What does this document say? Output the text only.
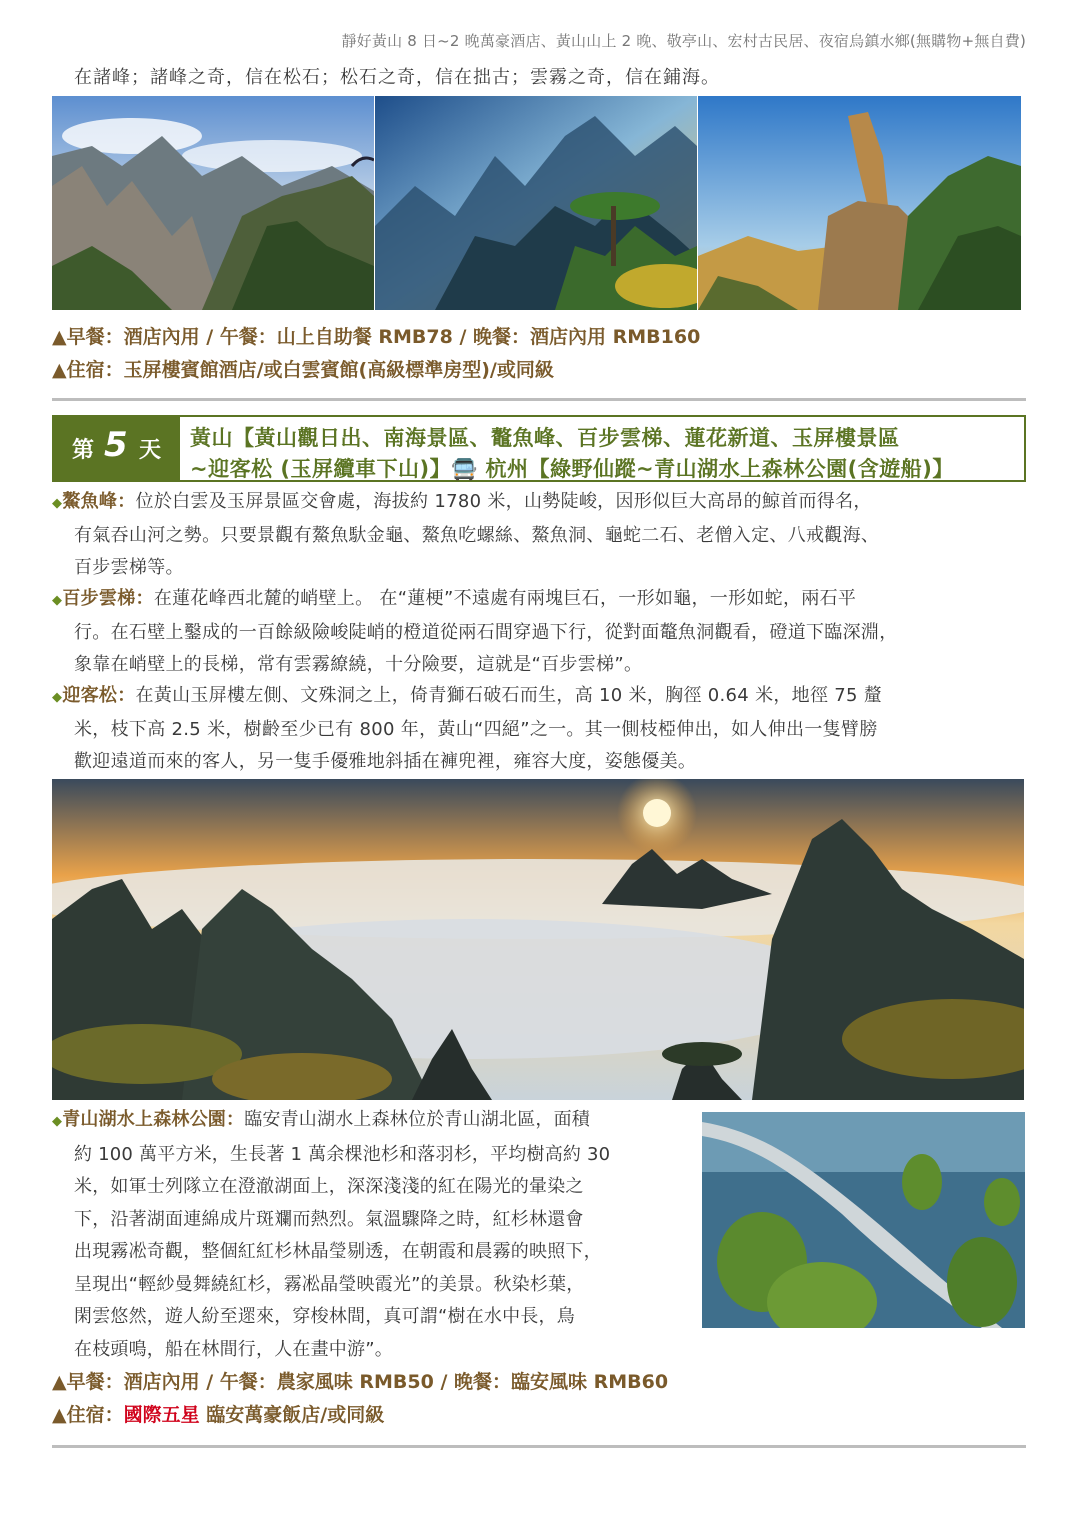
靜好黃山 8 日~2 晚萬豪酒店、黃山山上 2 晚、敬亭山、宏村古民居、夜宿烏鎮水鄉(無購物+無自費)
在諸峰；諸峰之奇，信在松石；松石之奇，信在拙古；雲霧之奇，信在鋪海。
▲早餐：酒店內用 / 午餐：山上自助餐 RMB78 / 晚餐：酒店內用 RMB160
▲住宿：玉屏樓賓館酒店/或白雲賓館(高級標準房型)/或同級
第 5 天 黃山【黃山觀日出、南海景區、鼇魚峰、百步雲梯、蓮花新道、玉屏樓景區
~迎客松 (玉屏纜車下山)】🚍 杭州【綠野仙蹤~青山湖水上森林公園(含遊船)】
◆鰲魚峰：位於白雲及玉屏景區交會處，海拔約 1780 米，山勢陡峻，因形似巨大高昂的鯨首而得名，
有氣吞山河之勢。只要景觀有鰲魚馱金龜、鰲魚吃螺絲、鰲魚洞、龜蛇二石、老僧入定、八戒觀海、
百步雲梯等。
◆百步雲梯：在蓮花峰西北麓的峭壁上。 在“蓮梗”不遠處有兩塊巨石，一形如龜，一形如蛇，兩石平
行。在石壁上鑿成的一百餘級險峻陡峭的橙道從兩石間穿過下行，從對面鼇魚洞觀看，磴道下臨深淵，
象靠在峭壁上的長梯，常有雲霧繚繞，十分險要，這就是“百步雲梯”。
◆迎客松：在黃山玉屏樓左側、文殊洞之上，倚青獅石破石而生，高 10 米，胸徑 0.64 米，地徑 75 釐
米，枝下高 2.5 米，樹齡至少已有 800 年，黃山“四絕”之一。其一側枝椏伸出，如人伸出一隻臂膀
歡迎遠道而來的客人，另一隻手優雅地斜插在褲兜裡，雍容大度，姿態優美。
◆青山湖水上森林公園：臨安青山湖水上森林位於青山湖北區，面積
約 100 萬平方米，生長著 1 萬余棵池杉和落羽杉，平均樹高約 30
米，如軍士列隊立在澄澈湖面上，深深淺淺的紅在陽光的暈染之
下，沿著湖面連綿成片斑斕而熱烈。氣溫驟降之時，紅杉林還會
出現霧凇奇觀，整個紅紅杉林晶瑩剔透，在朝霞和晨霧的映照下，
呈現出“輕紗曼舞繞紅杉，霧凇晶瑩映霞光”的美景。秋染杉葉，
閑雲悠然，遊人紛至遝來，穿梭林間，真可謂“樹在水中長，鳥
在枝頭鳴，船在林間行，人在畫中游”。
▲早餐：酒店內用 / 午餐：農家風味 RMB50 / 晚餐：臨安風味 RMB60
▲住宿：國際五星 臨安萬豪飯店/或同級
